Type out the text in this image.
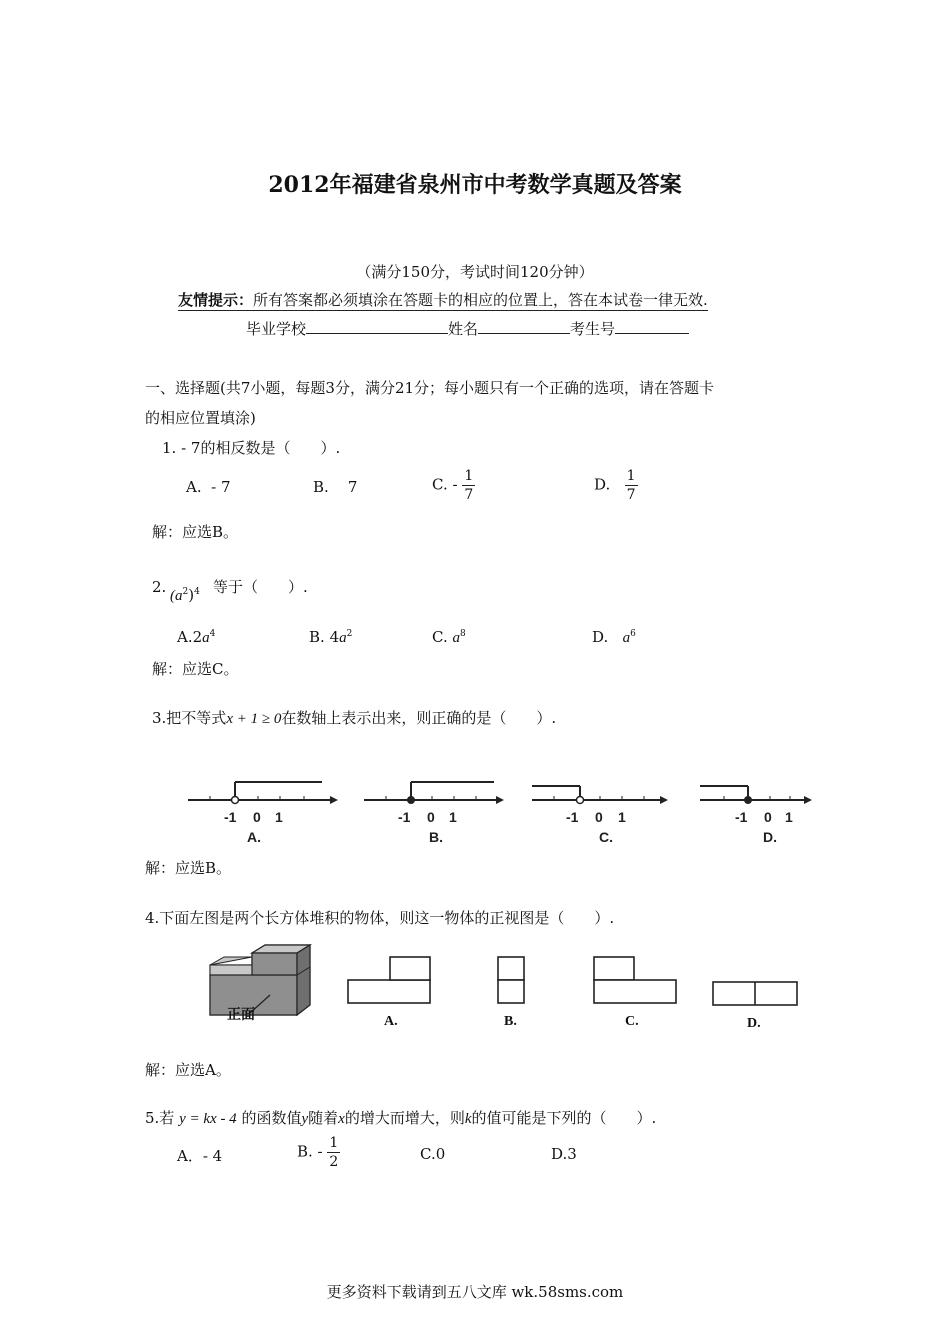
2012年福建省泉州市中考数学真题及答案
（满分150分，考试时间120分钟）
友情提示：所有答案都必须填涂在答题卡的相应的位置上，答在本试卷一律无效.
毕业学校	姓名	考生号
一、选择题(共7小题，每题3分，满分21分；每小题只有一个正确的选项，请在答题卡
的相应位置填涂)
1. - 7的相反数是（　　）.
A. - 7	B. 7	C. - $\frac{1}{7}$	D. $\frac{1}{7}$
解：应选B。
2. $(a^2)^4$ 等于（　　）.
$A.2a^4$	B. $4a^2$	C. $a^8$	D. $a^6$
解：应选C。
3.把不等式x + 1 ≥ 0在数轴上表示出来，则正确的是（　　）.
-1 0 1
A.
-1 0 1
B.
-1 0 1
C.
-1 0 1
D.
解：应选B。
4.下面左图是两个长方体堆积的物体，则这一物体的正视图是（　　）.
正面	A.	B.	C.	D.
解：应选A。
5.若 y = kx - 4 的函数值y随着x的增大而增大，则k的值可能是下列的（　　）.
A．- 4	B. - $\frac{1}{2}$	C.0	D.3
更多资料下载请到五八文库 wk.58sms.com
